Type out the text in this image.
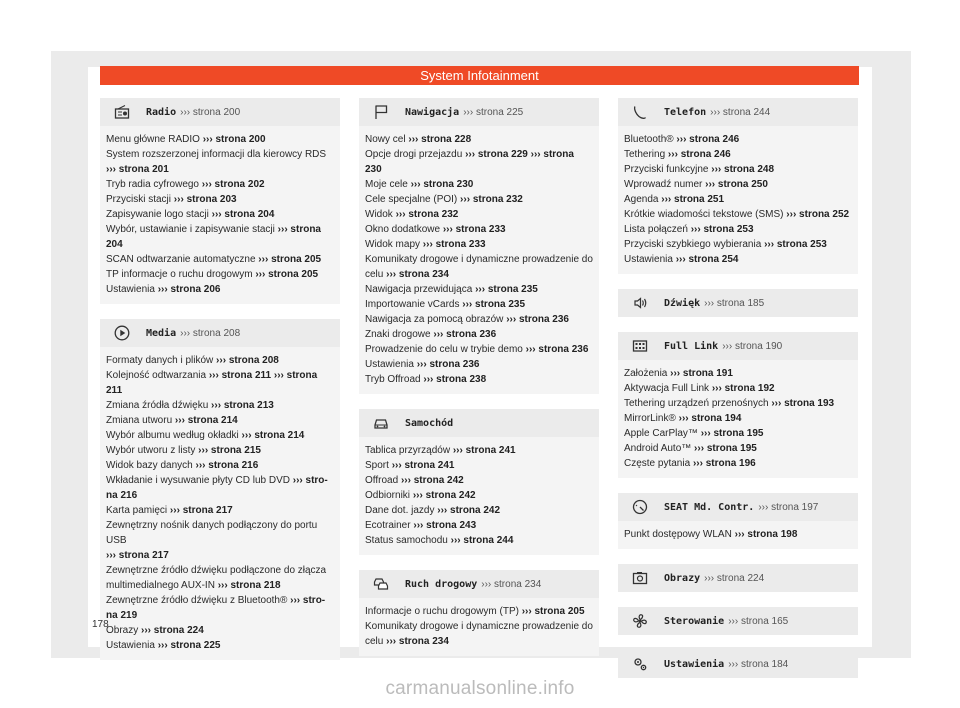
System Infotainment
Radio ››› strona 200
Menu główne RADIO ››› strona 200
System rozszerzonej informacji dla kierowcy RDS
››› strona 201
Tryb radia cyfrowego ››› strona 202
Przyciski stacji ››› strona 203
Zapisywanie logo stacji ››› strona 204
Wybór, ustawianie i zapisywanie stacji ››› strona 204
SCAN odtwarzanie automatyczne ››› strona 205
TP informacje o ruchu drogowym ››› strona 205
Ustawienia ››› strona 206
Media ››› strona 208
Formaty danych i plików ››› strona 208
Kolejność odtwarzania ››› strona 211 ››› strona 211
Zmiana źródła dźwięku ››› strona 213
Zmiana utworu ››› strona 214
Wybór albumu według okładki ››› strona 214
Wybór utworu z listy ››› strona 215
Widok bazy danych ››› strona 216
Wkładanie i wysuwanie płyty CD lub DVD ››› stro-
na 216
Karta pamięci ››› strona 217
Zewnętrzny nośnik danych podłączony do portu USB
››› strona 217
Zewnętrzne źródło dźwięku podłączone do złącza
multimedialnego AUX-IN ››› strona 218
Zewnętrzne źródło dźwięku z Bluetooth® ››› stro-
na 219
Obrazy ››› strona 224
Ustawienia ››› strona 225
Nawigacja ››› strona 225
Nowy cel ››› strona 228
Opcje drogi przejazdu ››› strona 229 ››› strona 230
Moje cele ››› strona 230
Cele specjalne (POI) ››› strona 232
Widok ››› strona 232
Okno dodatkowe ››› strona 233
Widok mapy ››› strona 233
Komunikaty drogowe i dynamiczne prowadzenie do
celu ››› strona 234
Nawigacja przewidująca ››› strona 235
Importowanie vCards ››› strona 235
Nawigacja za pomocą obrazów ››› strona 236
Znaki drogowe ››› strona 236
Prowadzenie do celu w trybie demo ››› strona 236
Ustawienia ››› strona 236
Tryb Offroad ››› strona 238
Samochód
Tablica przyrządów ››› strona 241
Sport ››› strona 241
Offroad ››› strona 242
Odbiorniki ››› strona 242
Dane dot. jazdy ››› strona 242
Ecotrainer ››› strona 243
Status samochodu ››› strona 244
Ruch drogowy ››› strona 234
Informacje o ruchu drogowym (TP) ››› strona 205
Komunikaty drogowe i dynamiczne prowadzenie do
celu ››› strona 234
Telefon ››› strona 244
Bluetooth® ››› strona 246
Tethering ››› strona 246
Przyciski funkcyjne ››› strona 248
Wprowadź numer ››› strona 250
Agenda ››› strona 251
Krótkie wiadomości tekstowe (SMS) ››› strona 252
Lista połączeń ››› strona 253
Przyciski szybkiego wybierania ››› strona 253
Ustawienia ››› strona 254
Dźwięk ››› strona 185
Full Link ››› strona 190
Założenia ››› strona 191
Aktywacja Full Link ››› strona 192
Tethering urządzeń przenośnych ››› strona 193
MirrorLink® ››› strona 194
Apple CarPlay™ ››› strona 195
Android Auto™ ››› strona 195
Częste pytania ››› strona 196
SEAT Md. Contr. ››› strona 197
Punkt dostępowy WLAN ››› strona 198
Obrazy ››› strona 224
Sterowanie ››› strona 165
Ustawienia ››› strona 184
178
carmanualsonline.info
